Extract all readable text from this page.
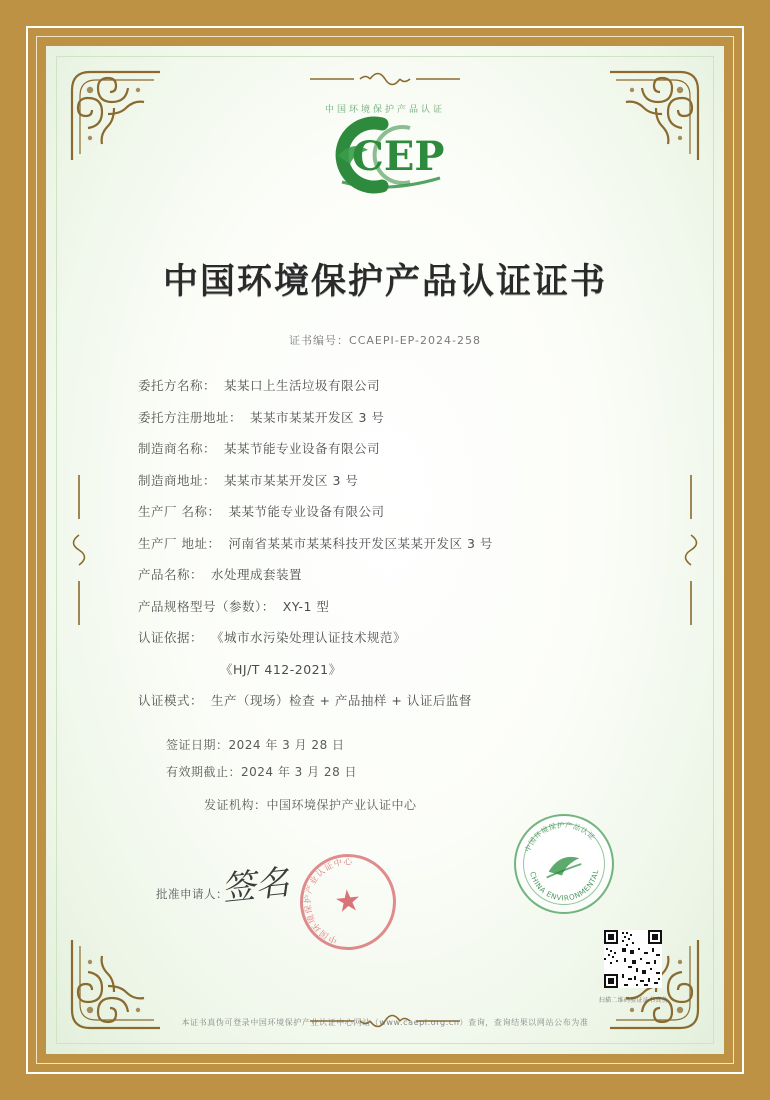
中国环境保护产品认证
CEP
中国环境保护产品认证证书
证书编号：CCAEPI-EP-2024-258
委托方名称： 某某口上生活垃圾有限公司
委托方注册地址： 某某市某某开发区 3 号
制造商名称： 某某节能专业设备有限公司
制造商地址： 某某市某某开发区 3 号
生产厂 名称： 某某节能专业设备有限公司
生产厂 地址： 河南省某某市某某科技开发区某某开发区 3 号
产品名称： 水处理成套装置
产品规格型号（参数）： XY-1 型
认证依据： 《城市水污染处理认证技术规范》
《HJ/T 412-2021》
认证模式： 生产（现场）检查 + 产品抽样 + 认证后监督
签证日期：2024 年 3 月 28 日
有效期截止：2024 年 3 月 28 日
发证机构：中国环境保护产业认证中心
批准申请人：
签名
中国环境保护产业认证中心
★
中国环境保护产品认证
CHINA ENVIRONMENTAL
扫描二维码验证证书真伪
本证书真伪可登录中国环境保护产业认证中心网站（www.caepi.org.cn）查询，查询结果以网站公布为准
